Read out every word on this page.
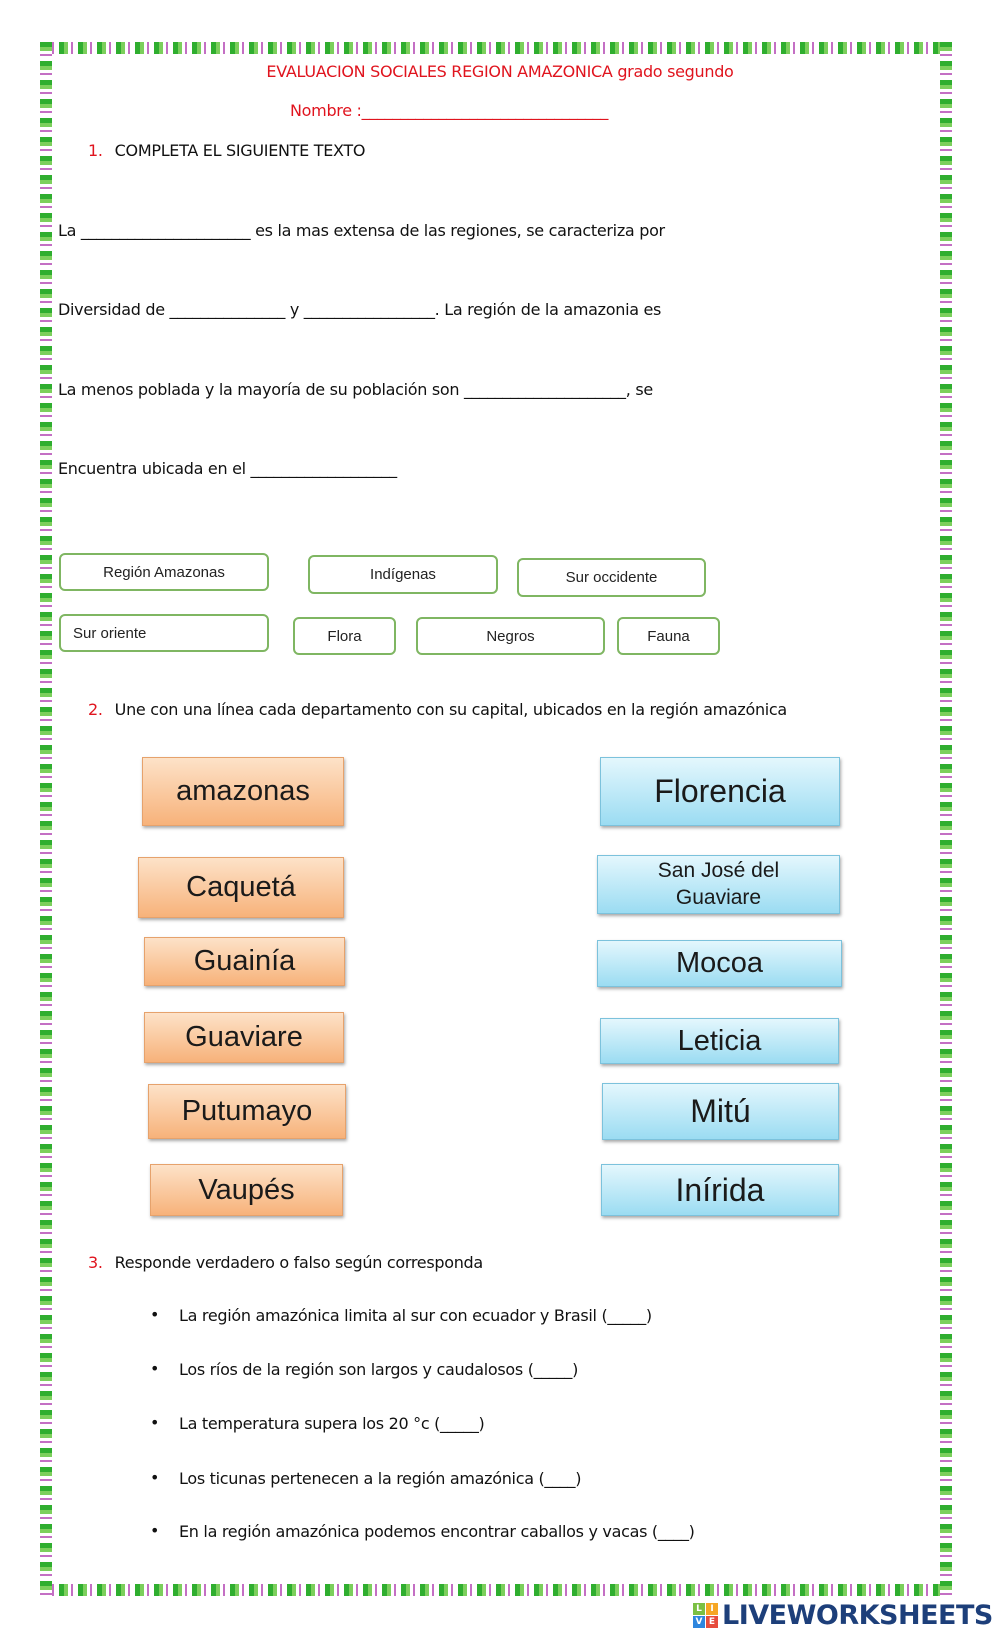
EVALUACION SOCIALES REGION AMAZONICA grado segundo
Nombre :________________________________
1. COMPLETA EL SIGUIENTE TEXTO
La ______________________ es la mas extensa de las regiones, se caracteriza por
Diversidad de _______________ y _________________. La región de la amazonia es
La menos poblada y la mayoría de su población son _____________________, se
Encuentra ubicada en el ___________________
Región Amazonas	Indígenas	Sur occidente
Sur oriente	Flora	Negros	Fauna
2. Une con una línea cada departamento con su capital, ubicados en la región amazónica
amazonas
Caquetá
Guainía
Guaviare
Putumayo
Vaupés
Florencia
San José del Guaviare
Mocoa
Leticia
Mitú
Inírida
3. Responde verdadero o falso según corresponda
• La región amazónica limita al sur con ecuador y Brasil (_____)
• Los ríos de la región son largos y caudalosos (_____)
• La temperatura supera los 20 °c (_____)
• Los ticunas pertenecen a la región amazónica (____)
• En la región amazónica podemos encontrar caballos y vacas (____)
L I
V E LIVEWORKSHEETS
